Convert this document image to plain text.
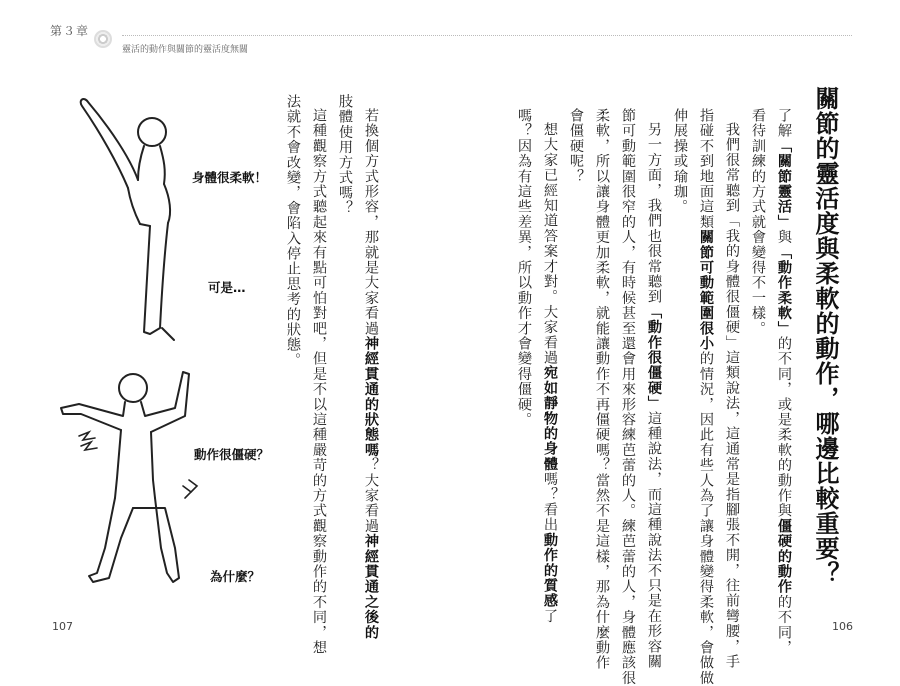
第３章
靈活的動作與關節的靈活度無關
關節的靈活度與柔軟的動作，哪邊比較重要？
了解「關節靈活」與「動作柔軟」的不同，或是柔軟的動作與僵硬的動作的不同，
看待訓練的方式就會變得不一樣。
我們很常聽到「我的身體很僵硬」這類說法，這通常是指腳張不開，往前彎腰，手
指碰不到地面這類關節可動範圍很小的情況，因此有些人為了讓身體變得柔軟，會做做
伸展操或瑜珈。
另一方面，我們也很常聽到「動作很僵硬」這種說法，而這種說法不只是在形容關
節可動範圍很窄的人，有時候甚至還會用來形容練芭蕾的人。練芭蕾的人，身體應該很
柔軟，所以讓身體更加柔軟，就能讓動作不再僵硬嗎？當然不是這樣，那為什麼動作
會僵硬呢？
想大家已經知道答案才對。大家看過宛如靜物的身體嗎？看出動作的質感了
嗎？因為有這些差異，所以動作才會變得僵硬。
若換個方式形容，那就是大家看過神經貫通的狀態嗎？大家看過神經貫通之後的
肢體使用方式嗎？
這種觀察方式聽起來有點可怕對吧，但是不以這種嚴苛的方式觀察動作的不同，想
法就不會改變，會陷入停止思考的狀態。
身體很柔軟！
可是…
動作很僵硬？
為什麼？
107	106
